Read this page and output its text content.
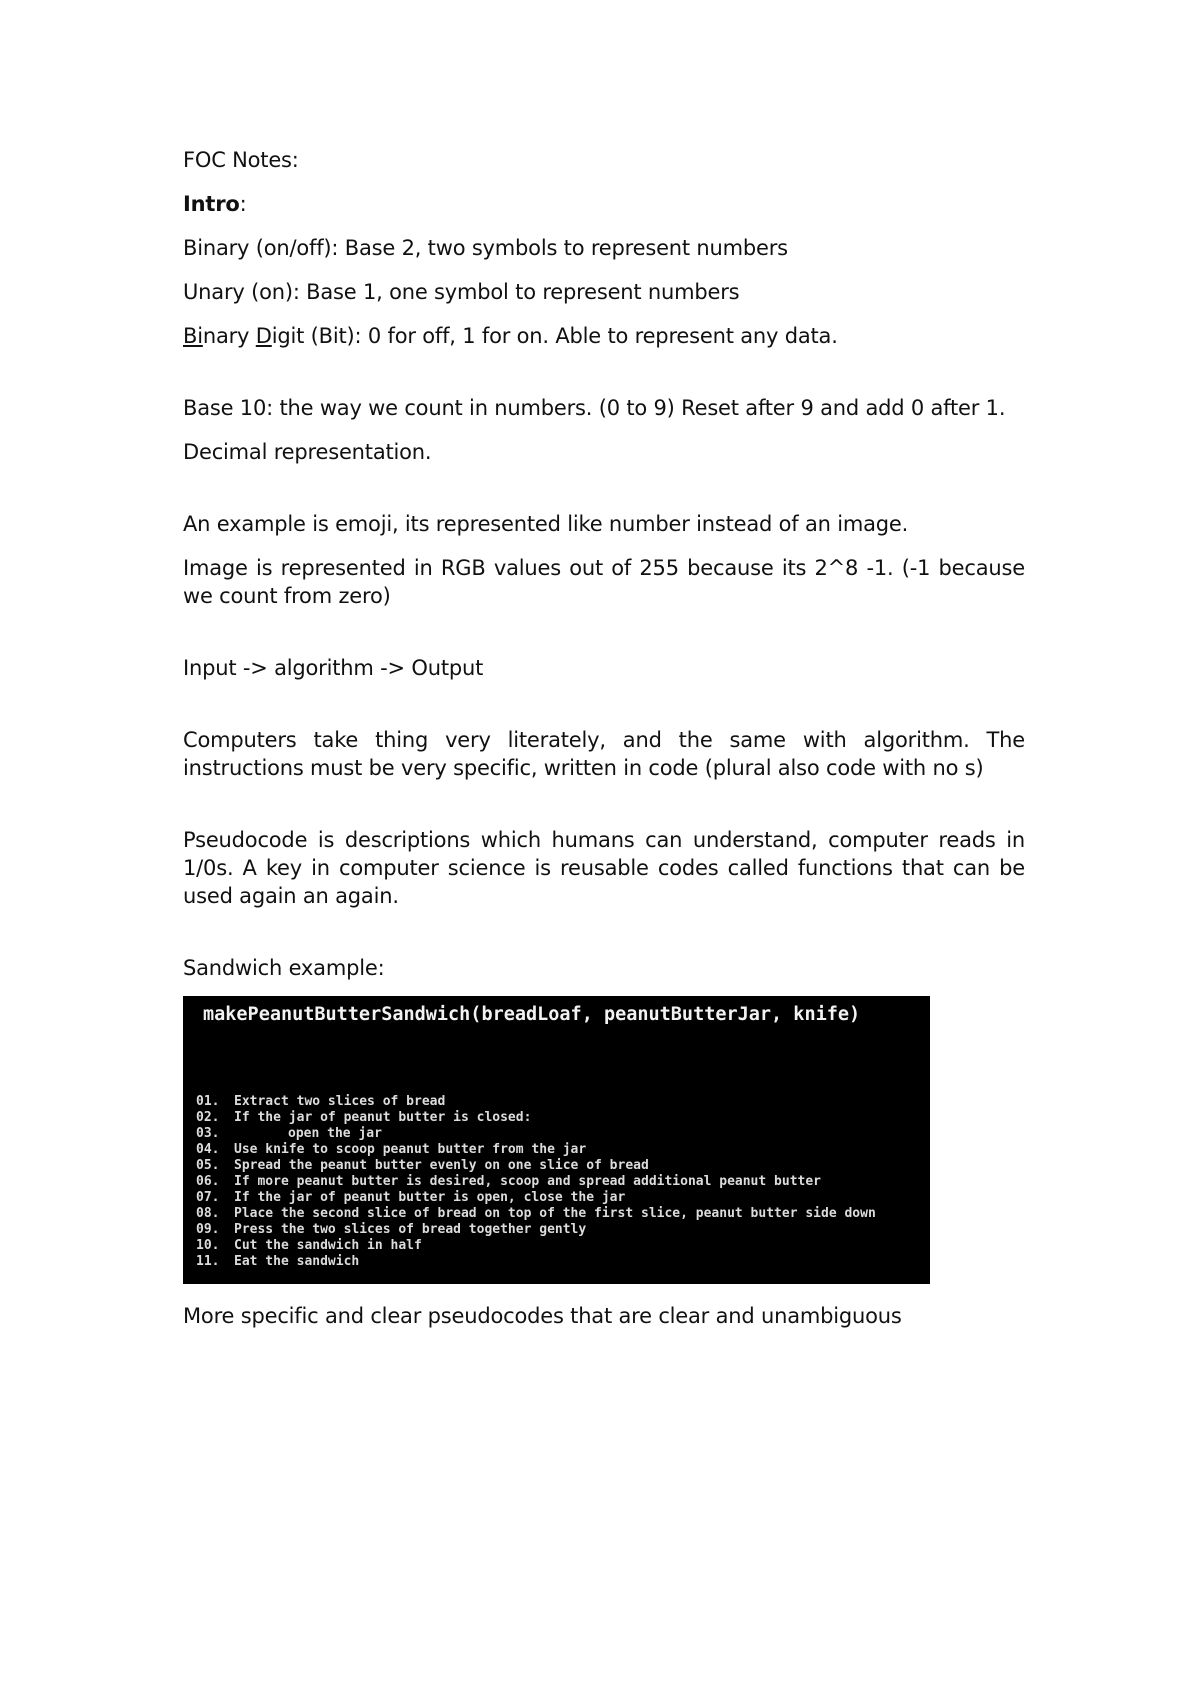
FOC Notes:

Intro:

Binary (on/off): Base 2, two symbols to represent numbers

Unary (on): Base 1, one symbol to represent numbers

Binary Digit (Bit): 0 for off, 1 for on. Able to represent any data.

Base 10: the way we count in numbers. (0 to 9) Reset after 9 and add 0 after 1.

Decimal representation.

An example is emoji, its represented like number instead of an image.

Image is represented in RGB values out of 255 because its 2^8 -1. (-1 because we count from zero)

Input -> algorithm -> Output

Computers take thing very literately, and the same with algorithm. The instructions must be very specific, written in code (plural also code with no s)

Pseudocode is descriptions which humans can understand, computer reads in 1/0s. A key in computer science is reusable codes called functions that can be used again an again.

Sandwich example:

makePeanutButterSandwich(breadLoaf, peanutButterJar, knife)
01.	Extract two slices of bread
02.	If the jar of peanut butter is closed:
03.	open the jar
04.	Use knife to scoop peanut butter from the jar
05.	Spread the peanut butter evenly on one slice of bread
06.	If more peanut butter is desired, scoop and spread additional peanut butter
07.	If the jar of peanut butter is open, close the jar
08.	Place the second slice of bread on top of the first slice, peanut butter side down
09.	Press the two slices of bread together gently
10.	Cut the sandwich in half
11.	Eat the sandwich

More specific and clear pseudocodes that are clear and unambiguous
